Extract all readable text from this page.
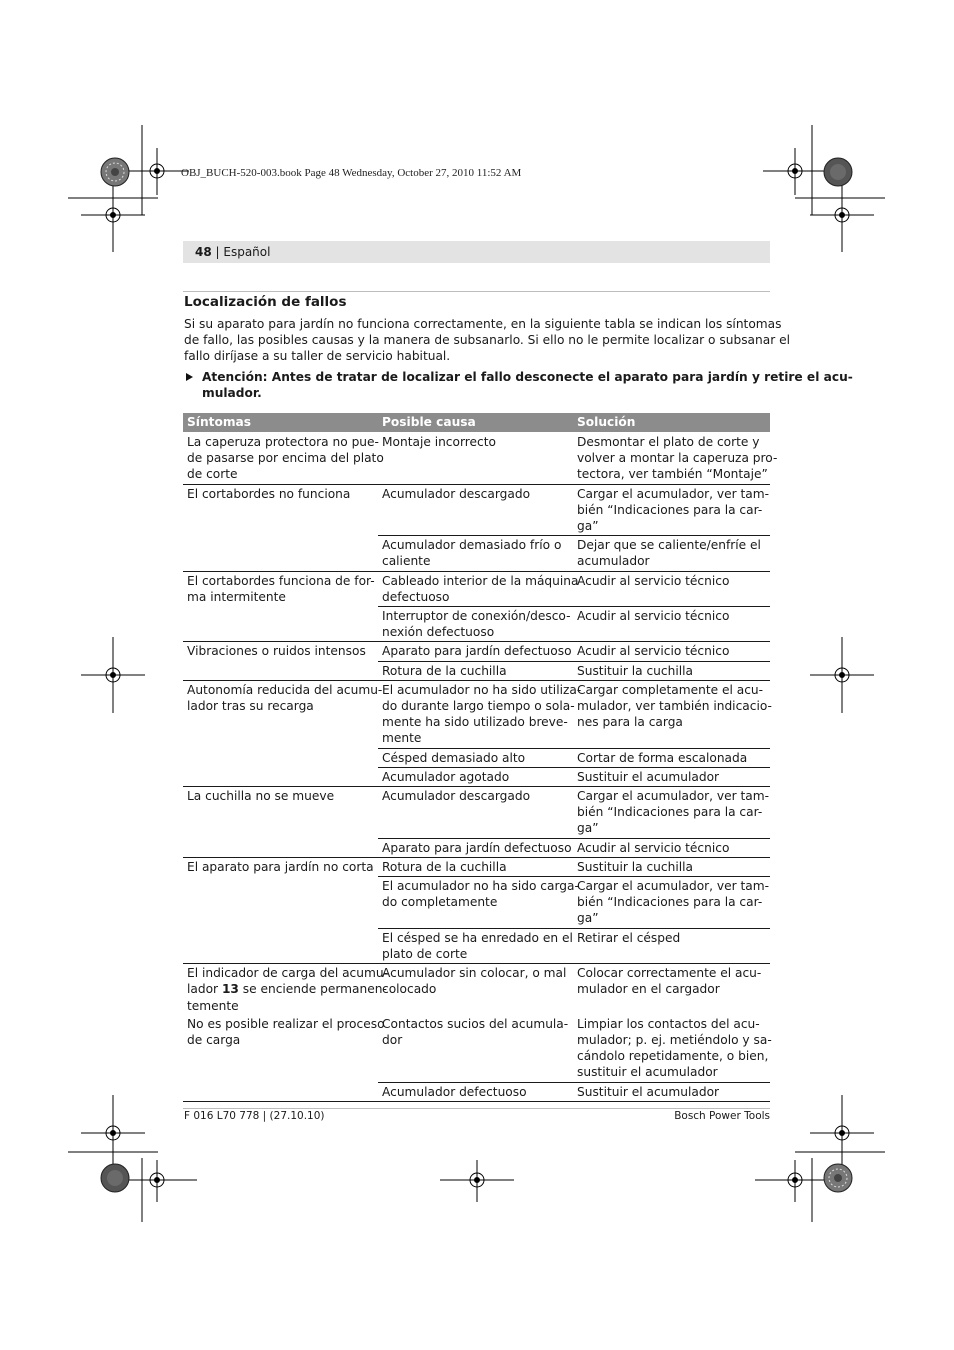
OBJ_BUCH-520-003.book Page 48 Wednesday, October 27, 2010 11:52 AM
48 | Español
Localización de fallos
Si su aparato para jardín no funciona correctamente, en la siguiente tabla se indican los síntomas
de fallo, las posibles causas y la manera de subsanarlo. Si ello no le permite localizar o subsanar el
fallo diríjase a su taller de servicio habitual.
Atención: Antes de tratar de localizar el fallo desconecte el aparato para jardín y retire el acu-
mulador.
Síntomas	Posible causa	Solución

La caperuza protectora no pue-
de pasarse por encima del plato
de corte	Montaje incorrecto	Desmontar el plato de corte y
volver a montar la caperuza pro-
tectora, ver también “Montaje”

El cortabordes no funciona	Acumulador descargado	Cargar el acumulador, ver tam-
bién “Indicaciones para la car-
ga”

	Acumulador demasiado frío o
caliente	Dejar que se caliente/enfríe el
acumulador

El cortabordes funciona de for-
ma intermitente	Cableado interior de la máquina
defectuoso	Acudir al servicio técnico

	Interruptor de conexión/desco-
nexión defectuoso	Acudir al servicio técnico

Vibraciones o ruidos intensos	Aparato para jardín defectuoso	Acudir al servicio técnico

	Rotura de la cuchilla	Sustituir la cuchilla

Autonomía reducida del acumu-
lador tras su recarga	El acumulador no ha sido utiliza-
do durante largo tiempo o sola-
mente ha sido utilizado breve-
mente	Cargar completamente el acu-
mulador, ver también indicacio-
nes para la carga

	Césped demasiado alto	Cortar de forma escalonada

	Acumulador agotado	Sustituir el acumulador

La cuchilla no se mueve	Acumulador descargado	Cargar el acumulador, ver tam-
bién “Indicaciones para la car-
ga”

	Aparato para jardín defectuoso	Acudir al servicio técnico

El aparato para jardín no corta	Rotura de la cuchilla	Sustituir la cuchilla

	El acumulador no ha sido carga-
do completamente	Cargar el acumulador, ver tam-
bién “Indicaciones para la car-
ga”

	El césped se ha enredado en el
plato de corte	Retirar el césped

El indicador de carga del acumu-
lador 13 se enciende permanen-
temente	Acumulador sin colocar, o mal
colocado	Colocar correctamente el acu-
mulador en el cargador

No es posible realizar el proceso
de carga	Contactos sucios del acumula-
dor	Limpiar los contactos del acu-
mulador; p. ej. metiéndolo y sa-
cándolo repetidamente, o bien,
sustituir el acumulador

	Acumulador defectuoso	Sustituir el acumulador
F 016 L70 778 | (27.10.10)	Bosch Power Tools
